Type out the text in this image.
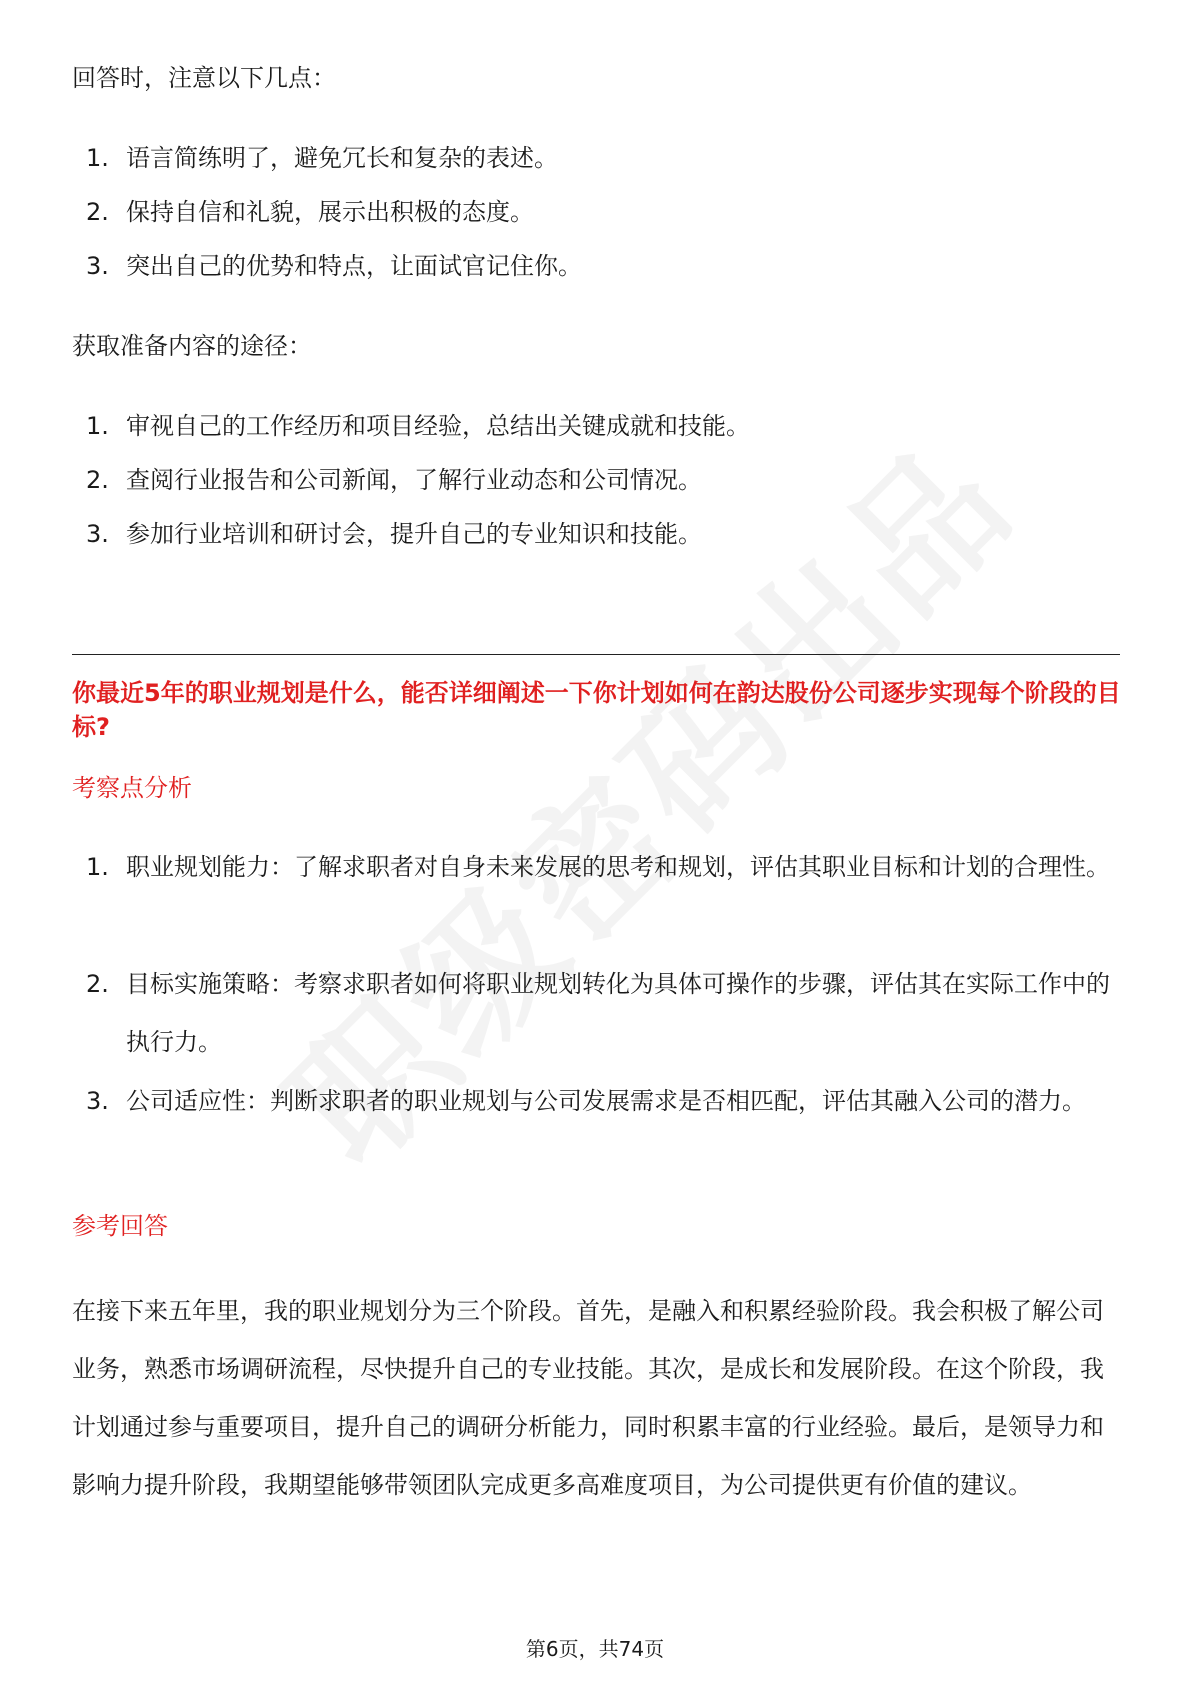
回答时，注意以下几点：
1. 语言简练明了，避免冗长和复杂的表述。
2. 保持自信和礼貌，展示出积极的态度。
3. 突出自己的优势和特点，让面试官记住你。
获取准备内容的途径：
1. 审视自己的工作经历和项目经验，总结出关键成就和技能。
2. 查阅行业报告和公司新闻，了解行业动态和公司情况。
3. 参加行业培训和研讨会，提升自己的专业知识和技能。
你最近5年的职业规划是什么，能否详细阐述一下你计划如何在韵达股份公司逐步实现每个阶段的目标?
考察点分析
1. 职业规划能力：了解求职者对自身未来发展的思考和规划，评估其职业目标和计划的合理性。
2. 目标实施策略：考察求职者如何将职业规划转化为具体可操作的步骤，评估其在实际工作中的执行力。
3. 公司适应性：判断求职者的职业规划与公司发展需求是否相匹配，评估其融入公司的潜力。
参考回答
在接下来五年里，我的职业规划分为三个阶段。首先，是融入和积累经验阶段。我会积极了解公司业务，熟悉市场调研流程，尽快提升自己的专业技能。其次，是成长和发展阶段。在这个阶段，我计划通过参与重要项目，提升自己的调研分析能力，同时积累丰富的行业经验。最后，是领导力和影响力提升阶段，我期望能够带领团队完成更多高难度项目，为公司提供更有价值的建议。
第6页，共74页
